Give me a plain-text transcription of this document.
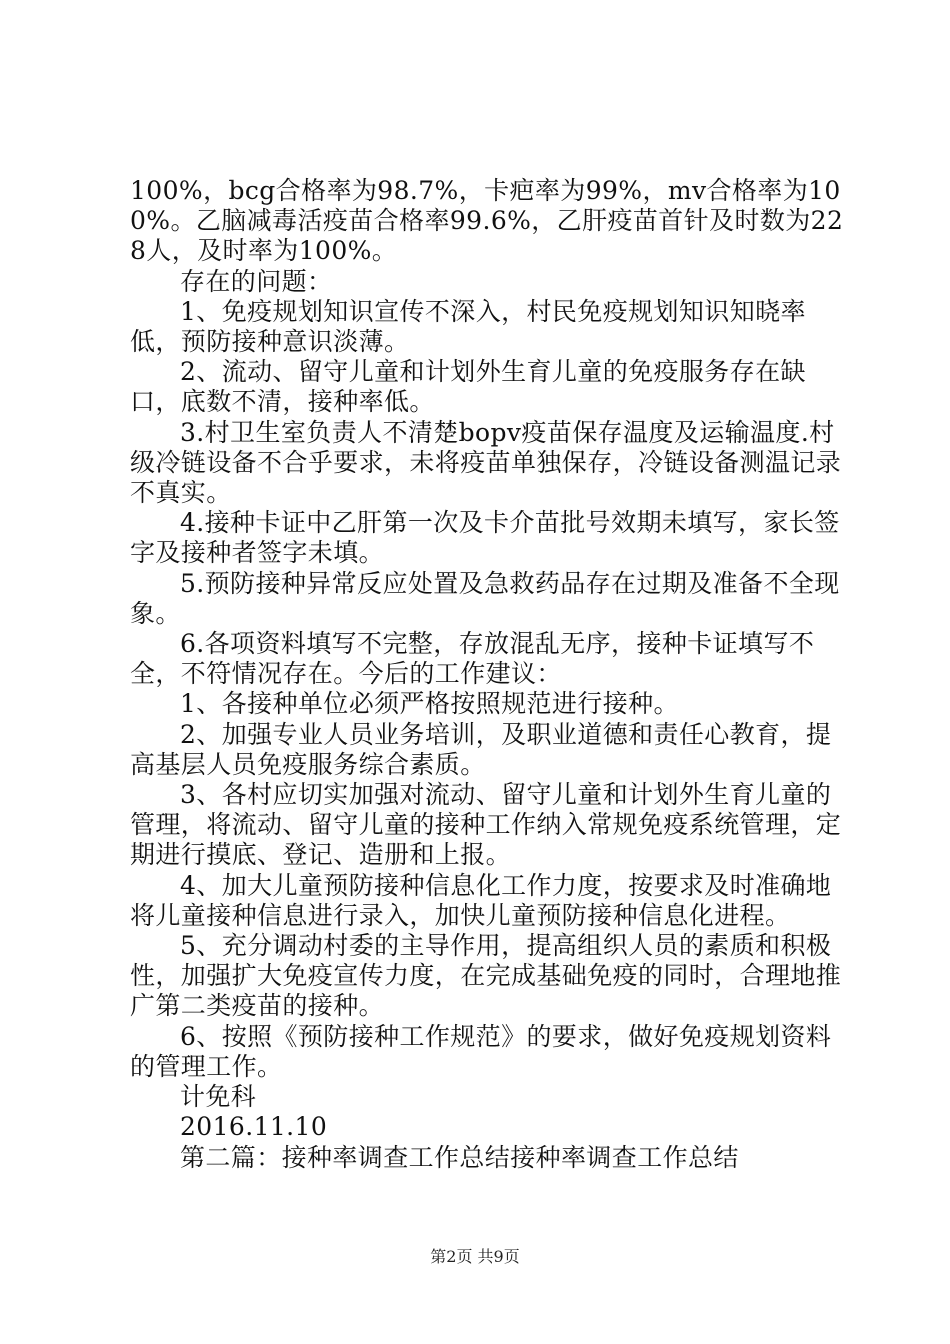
100%，bcg合格率为98.7%，卡疤率为99%，mv合格率为100%。乙脑减毒活疫苗合格率99.6%，乙肝疫苗首针及时数为228人，及时率为100%。

存在的问题：

1、免疫规划知识宣传不深入，村民免疫规划知识知晓率低，预防接种意识淡薄。

2、流动、留守儿童和计划外生育儿童的免疫服务存在缺口，底数不清，接种率低。

3.村卫生室负责人不清楚bopv疫苗保存温度及运输温度.村级冷链设备不合乎要求，未将疫苗单独保存，冷链设备测温记录不真实。

4.接种卡证中乙肝第一次及卡介苗批号效期未填写，家长签字及接种者签字未填。

5.预防接种异常反应处置及急救药品存在过期及准备不全现象。

6.各项资料填写不完整，存放混乱无序，接种卡证填写不全，不符情况存在。今后的工作建议：

1、各接种单位必须严格按照规范进行接种。

2、加强专业人员业务培训，及职业道德和责任心教育，提高基层人员免疫服务综合素质。

3、各村应切实加强对流动、留守儿童和计划外生育儿童的管理，将流动、留守儿童的接种工作纳入常规免疫系统管理，定期进行摸底、登记、造册和上报。

4、加大儿童预防接种信息化工作力度，按要求及时准确地将儿童接种信息进行录入，加快儿童预防接种信息化进程。

5、充分调动村委的主导作用，提高组织人员的素质和积极性，加强扩大免疫宣传力度，在完成基础免疫的同时，合理地推广第二类疫苗的接种。

6、按照《预防接种工作规范》的要求，做好免疫规划资料的管理工作。

计免科

2016.11.10

第二篇：接种率调查工作总结接种率调查工作总结

第2页 共9页
